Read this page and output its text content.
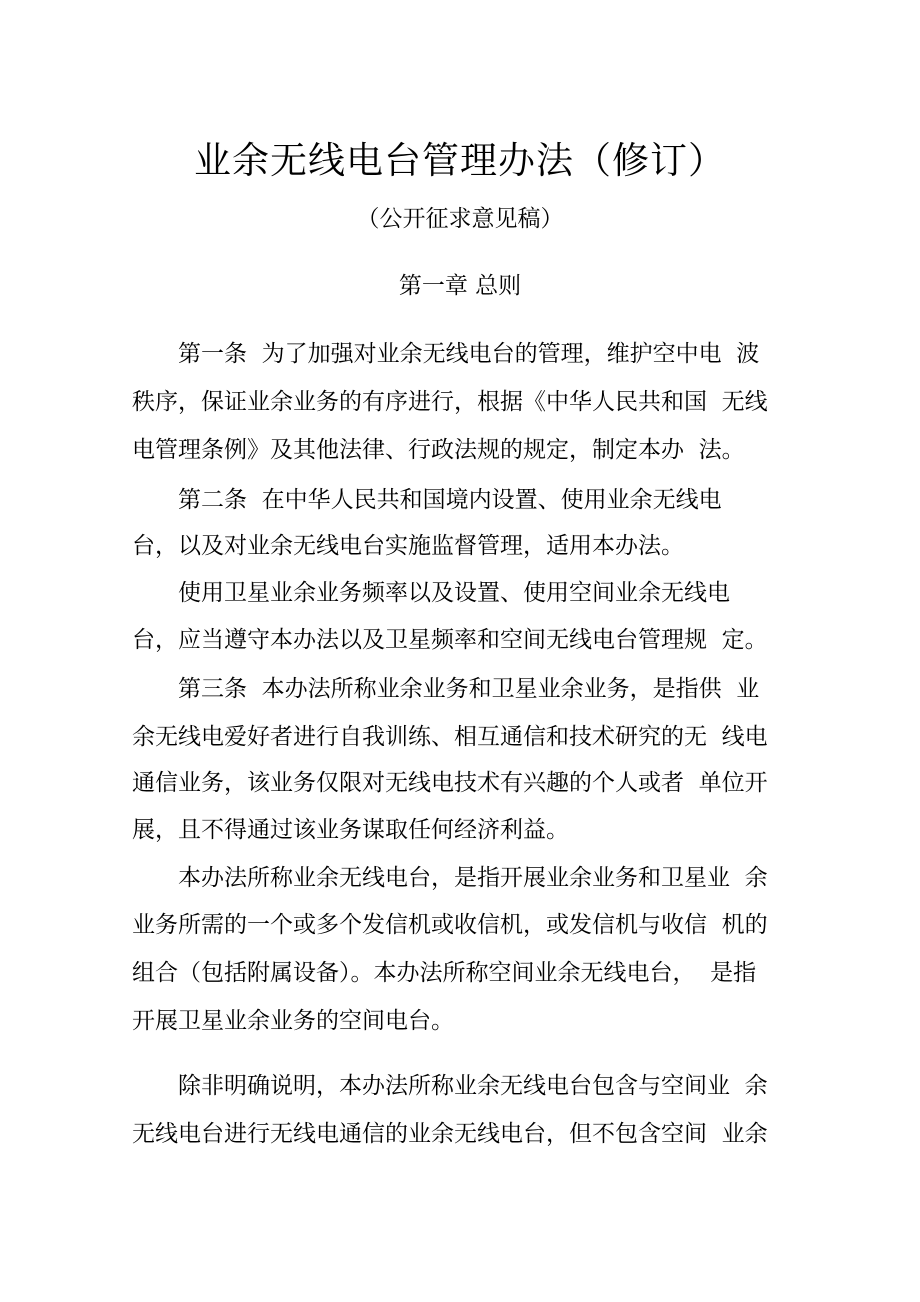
业余无线电台管理办法（修订）
（公开征求意见稿）
第一章 总则
第一条  为了加强对业余无线电台的管理，维护空中电  波
秩序，保证业余业务的有序进行，根据《中华人民共和国  无线
电管理条例》及其他法律、行政法规的规定，制定本办  法。
第二条  在中华人民共和国境内设置、使用业余无线电
台，以及对业余无线电台实施监督管理，适用本办法。
使用卫星业余业务频率以及设置、使用空间业余无线电
台，应当遵守本办法以及卫星频率和空间无线电台管理规  定。
第三条  本办法所称业余业务和卫星业余业务，是指供  业
余无线电爱好者进行自我训练、相互通信和技术研究的无  线电
通信业务，该业务仅限对无线电技术有兴趣的个人或者  单位开
展，且不得通过该业务谋取任何经济利益。
本办法所称业余无线电台，是指开展业余业务和卫星业  余
业务所需的一个或多个发信机或收信机，或发信机与收信  机的
组合（包括附属设备）。本办法所称空间业余无线电台，  是指
开展卫星业余业务的空间电台。
除非明确说明，本办法所称业余无线电台包含与空间业  余
无线电台进行无线电通信的业余无线电台，但不包含空间  业余
